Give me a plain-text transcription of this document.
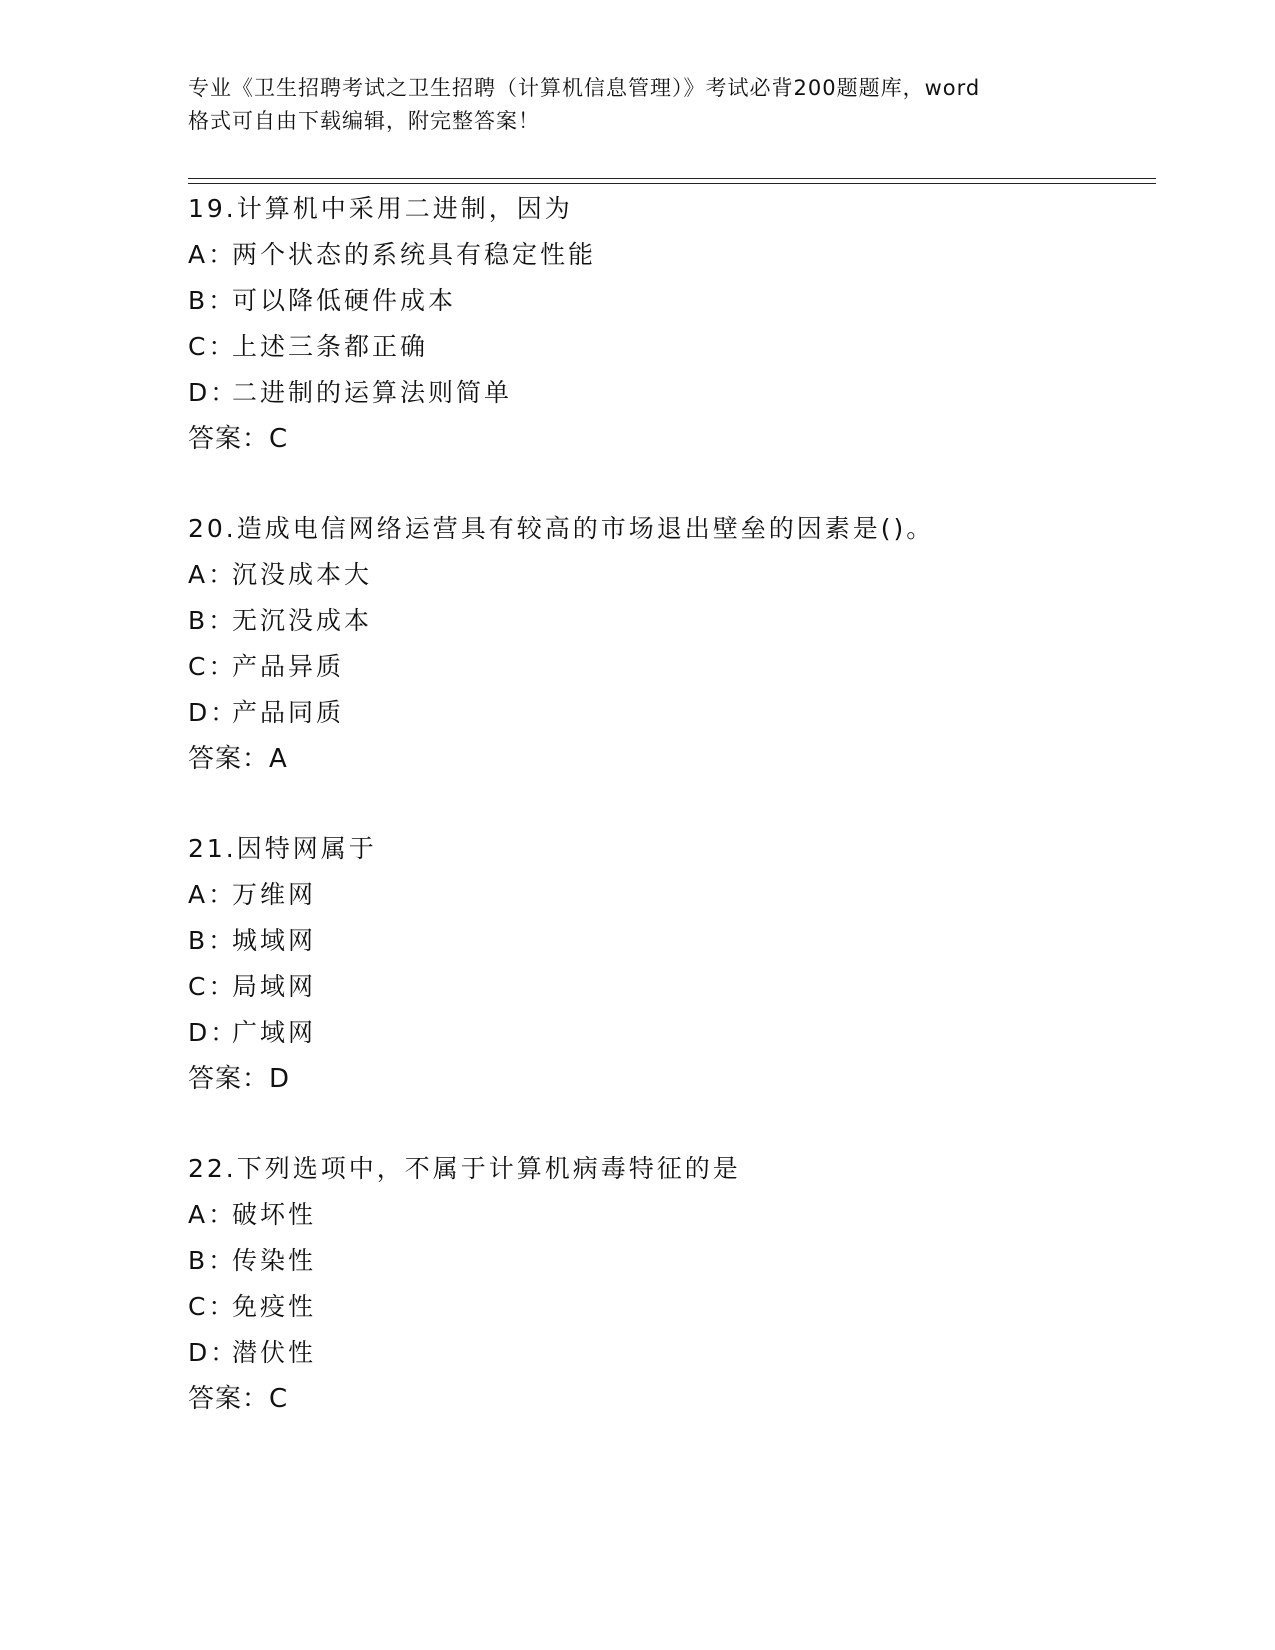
专业《卫生招聘考试之卫生招聘（计算机信息管理）》考试必背200题题库，word
格式可自由下载编辑，附完整答案！
19.计算机中采用二进制，因为
A：两个状态的系统具有稳定性能
B：可以降低硬件成本
C：上述三条都正确
D：二进制的运算法则简单
答案：C
20.造成电信网络运营具有较高的市场退出壁垒的因素是()。
A：沉没成本大
B：无沉没成本
C：产品异质
D：产品同质
答案：A
21.因特网属于
A：万维网
B：城域网
C：局域网
D：广域网
答案：D
22.下列选项中，不属于计算机病毒特征的是
A：破坏性
B：传染性
C：免疫性
D：潜伏性
答案：C
